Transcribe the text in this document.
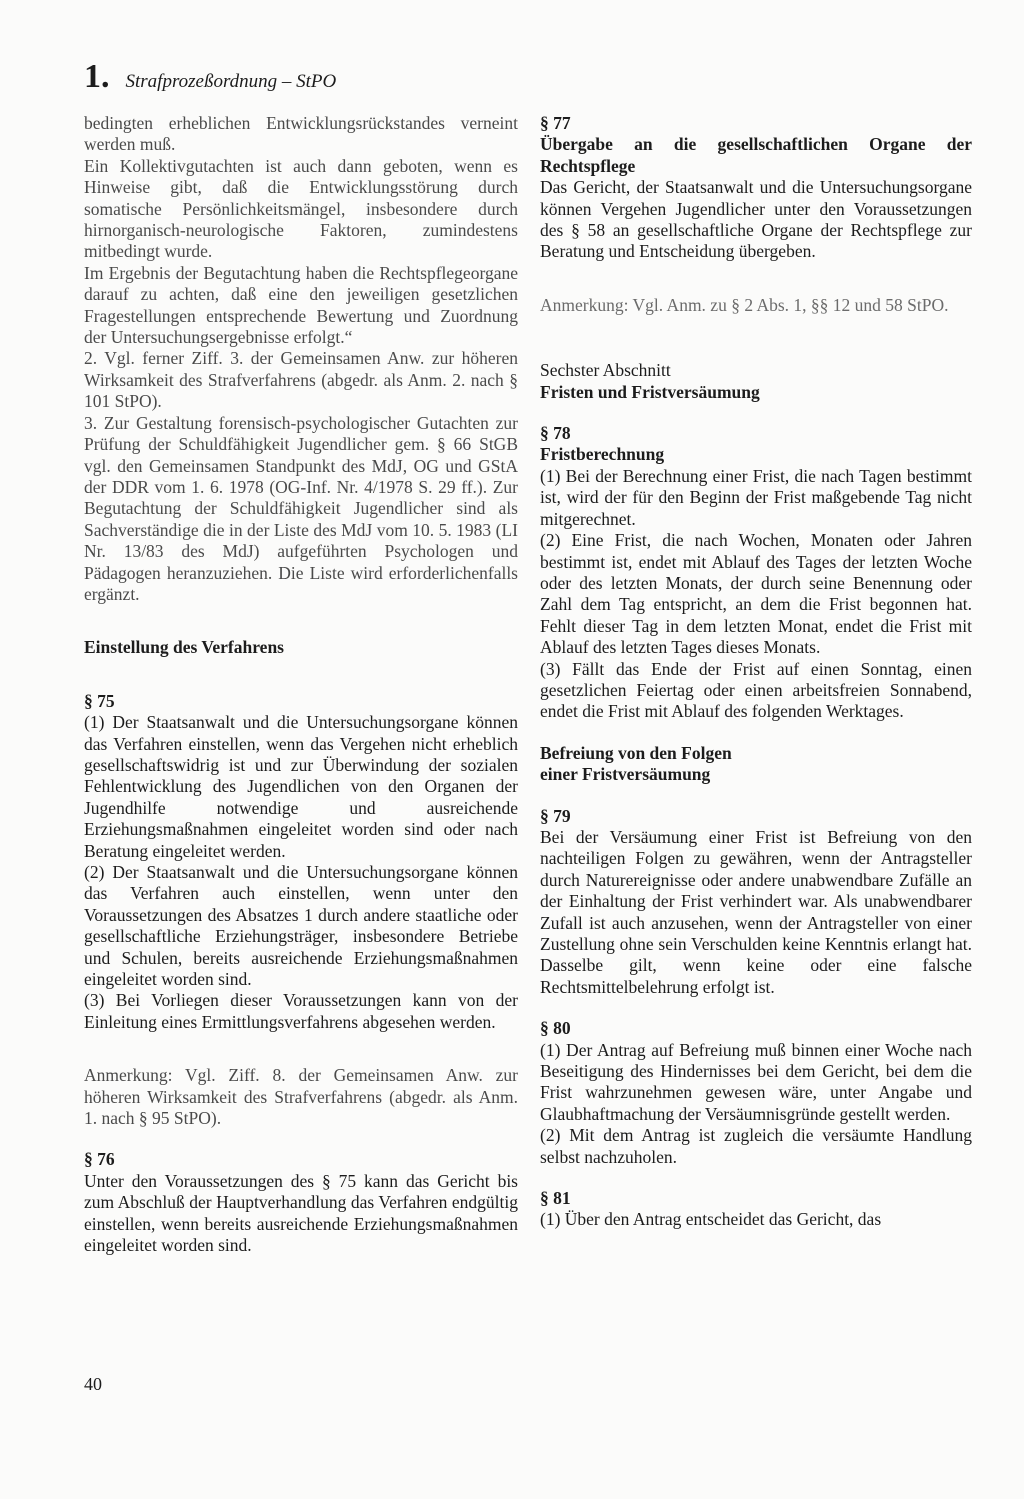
1. Strafprozeßordnung – StPO

bedingten erheblichen Entwicklungsrückstandes verneint werden muß.

Ein Kollektivgutachten ist auch dann geboten, wenn es Hinweise gibt, daß die Entwicklungsstörung durch somatische Persönlichkeitsmängel, insbesondere durch hirnorganisch-neurologische Faktoren, zumindestens mitbedingt wurde.

Im Ergebnis der Begutachtung haben die Rechtspflegeorgane darauf zu achten, daß eine den jeweiligen gesetzlichen Fragestellungen entsprechende Bewertung und Zuordnung der Untersuchungsergebnisse erfolgt.“

2. Vgl. ferner Ziff. 3. der Gemeinsamen Anw. zur höheren Wirksamkeit des Strafverfahrens (abgedr. als Anm. 2. nach § 101 StPO).

3. Zur Gestaltung forensisch-psychologischer Gutachten zur Prüfung der Schuldfähigkeit Jugendlicher gem. § 66 StGB vgl. den Gemeinsamen Standpunkt des MdJ, OG und GStA der DDR vom 1. 6. 1978 (OG-Inf. Nr. 4/1978 S. 29 ff.). Zur Begutachtung der Schuldfähigkeit Jugendlicher sind als Sachverständige die in der Liste des MdJ vom 10. 5. 1983 (LI Nr. 13/83 des MdJ) aufgeführten Psychologen und Pädagogen heranzuziehen. Die Liste wird erforderlichenfalls ergänzt.

Einstellung des Verfahrens

§ 75

(1) Der Staatsanwalt und die Untersuchungsorgane können das Verfahren einstellen, wenn das Vergehen nicht erheblich gesellschaftswidrig ist und zur Überwindung der sozialen Fehlentwicklung des Jugendlichen von den Organen der Jugendhilfe notwendige und ausreichende Erziehungsmaßnahmen eingeleitet worden sind oder nach Beratung eingeleitet werden.

(2) Der Staatsanwalt und die Untersuchungsorgane können das Verfahren auch einstellen, wenn unter den Voraussetzungen des Absatzes 1 durch andere staatliche oder gesellschaftliche Erziehungsträger, insbesondere Betriebe und Schulen, bereits ausreichende Erziehungsmaßnahmen eingeleitet worden sind.

(3) Bei Vorliegen dieser Voraussetzungen kann von der Einleitung eines Ermittlungsverfahrens abgesehen werden.

Anmerkung: Vgl. Ziff. 8. der Gemeinsamen Anw. zur höheren Wirksamkeit des Strafverfahrens (abgedr. als Anm. 1. nach § 95 StPO).

§ 76

Unter den Voraussetzungen des § 75 kann das Gericht bis zum Abschluß der Hauptverhandlung das Verfahren endgültig einstellen, wenn bereits ausreichende Erziehungsmaßnahmen eingeleitet worden sind.

§ 77

Übergabe an die gesellschaftlichen Organe der Rechtspflege

Das Gericht, der Staatsanwalt und die Untersuchungsorgane können Vergehen Jugendlicher unter den Voraussetzungen des § 58 an gesellschaftliche Organe der Rechtspflege zur Beratung und Entscheidung übergeben.

Anmerkung: Vgl. Anm. zu § 2 Abs. 1, §§ 12 und 58 StPO.

Sechster Abschnitt

Fristen und Fristversäumung

§ 78

Fristberechnung

(1) Bei der Berechnung einer Frist, die nach Tagen bestimmt ist, wird der für den Beginn der Frist maßgebende Tag nicht mitgerechnet.

(2) Eine Frist, die nach Wochen, Monaten oder Jahren bestimmt ist, endet mit Ablauf des Tages der letzten Woche oder des letzten Monats, der durch seine Benennung oder Zahl dem Tag entspricht, an dem die Frist begonnen hat. Fehlt dieser Tag in dem letzten Monat, endet die Frist mit Ablauf des letzten Tages dieses Monats.

(3) Fällt das Ende der Frist auf einen Sonntag, einen gesetzlichen Feiertag oder einen arbeitsfreien Sonnabend, endet die Frist mit Ablauf des folgenden Werktages.

Befreiung von den Folgen

einer Fristversäumung

§ 79

Bei der Versäumung einer Frist ist Befreiung von den nachteiligen Folgen zu gewähren, wenn der Antragsteller durch Naturereignisse oder andere unabwendbare Zufälle an der Einhaltung der Frist verhindert war. Als unabwendbarer Zufall ist auch anzusehen, wenn der Antragsteller von einer Zustellung ohne sein Verschulden keine Kenntnis erlangt hat. Dasselbe gilt, wenn keine oder eine falsche Rechtsmittelbelehrung erfolgt ist.

§ 80

(1) Der Antrag auf Befreiung muß binnen einer Woche nach Beseitigung des Hindernisses bei dem Gericht, bei dem die Frist wahrzunehmen gewesen wäre, unter Angabe und Glaubhaftmachung der Versäumnisgründe gestellt werden.

(2) Mit dem Antrag ist zugleich die versäumte Handlung selbst nachzuholen.

§ 81

(1) Über den Antrag entscheidet das Gericht, das

40
